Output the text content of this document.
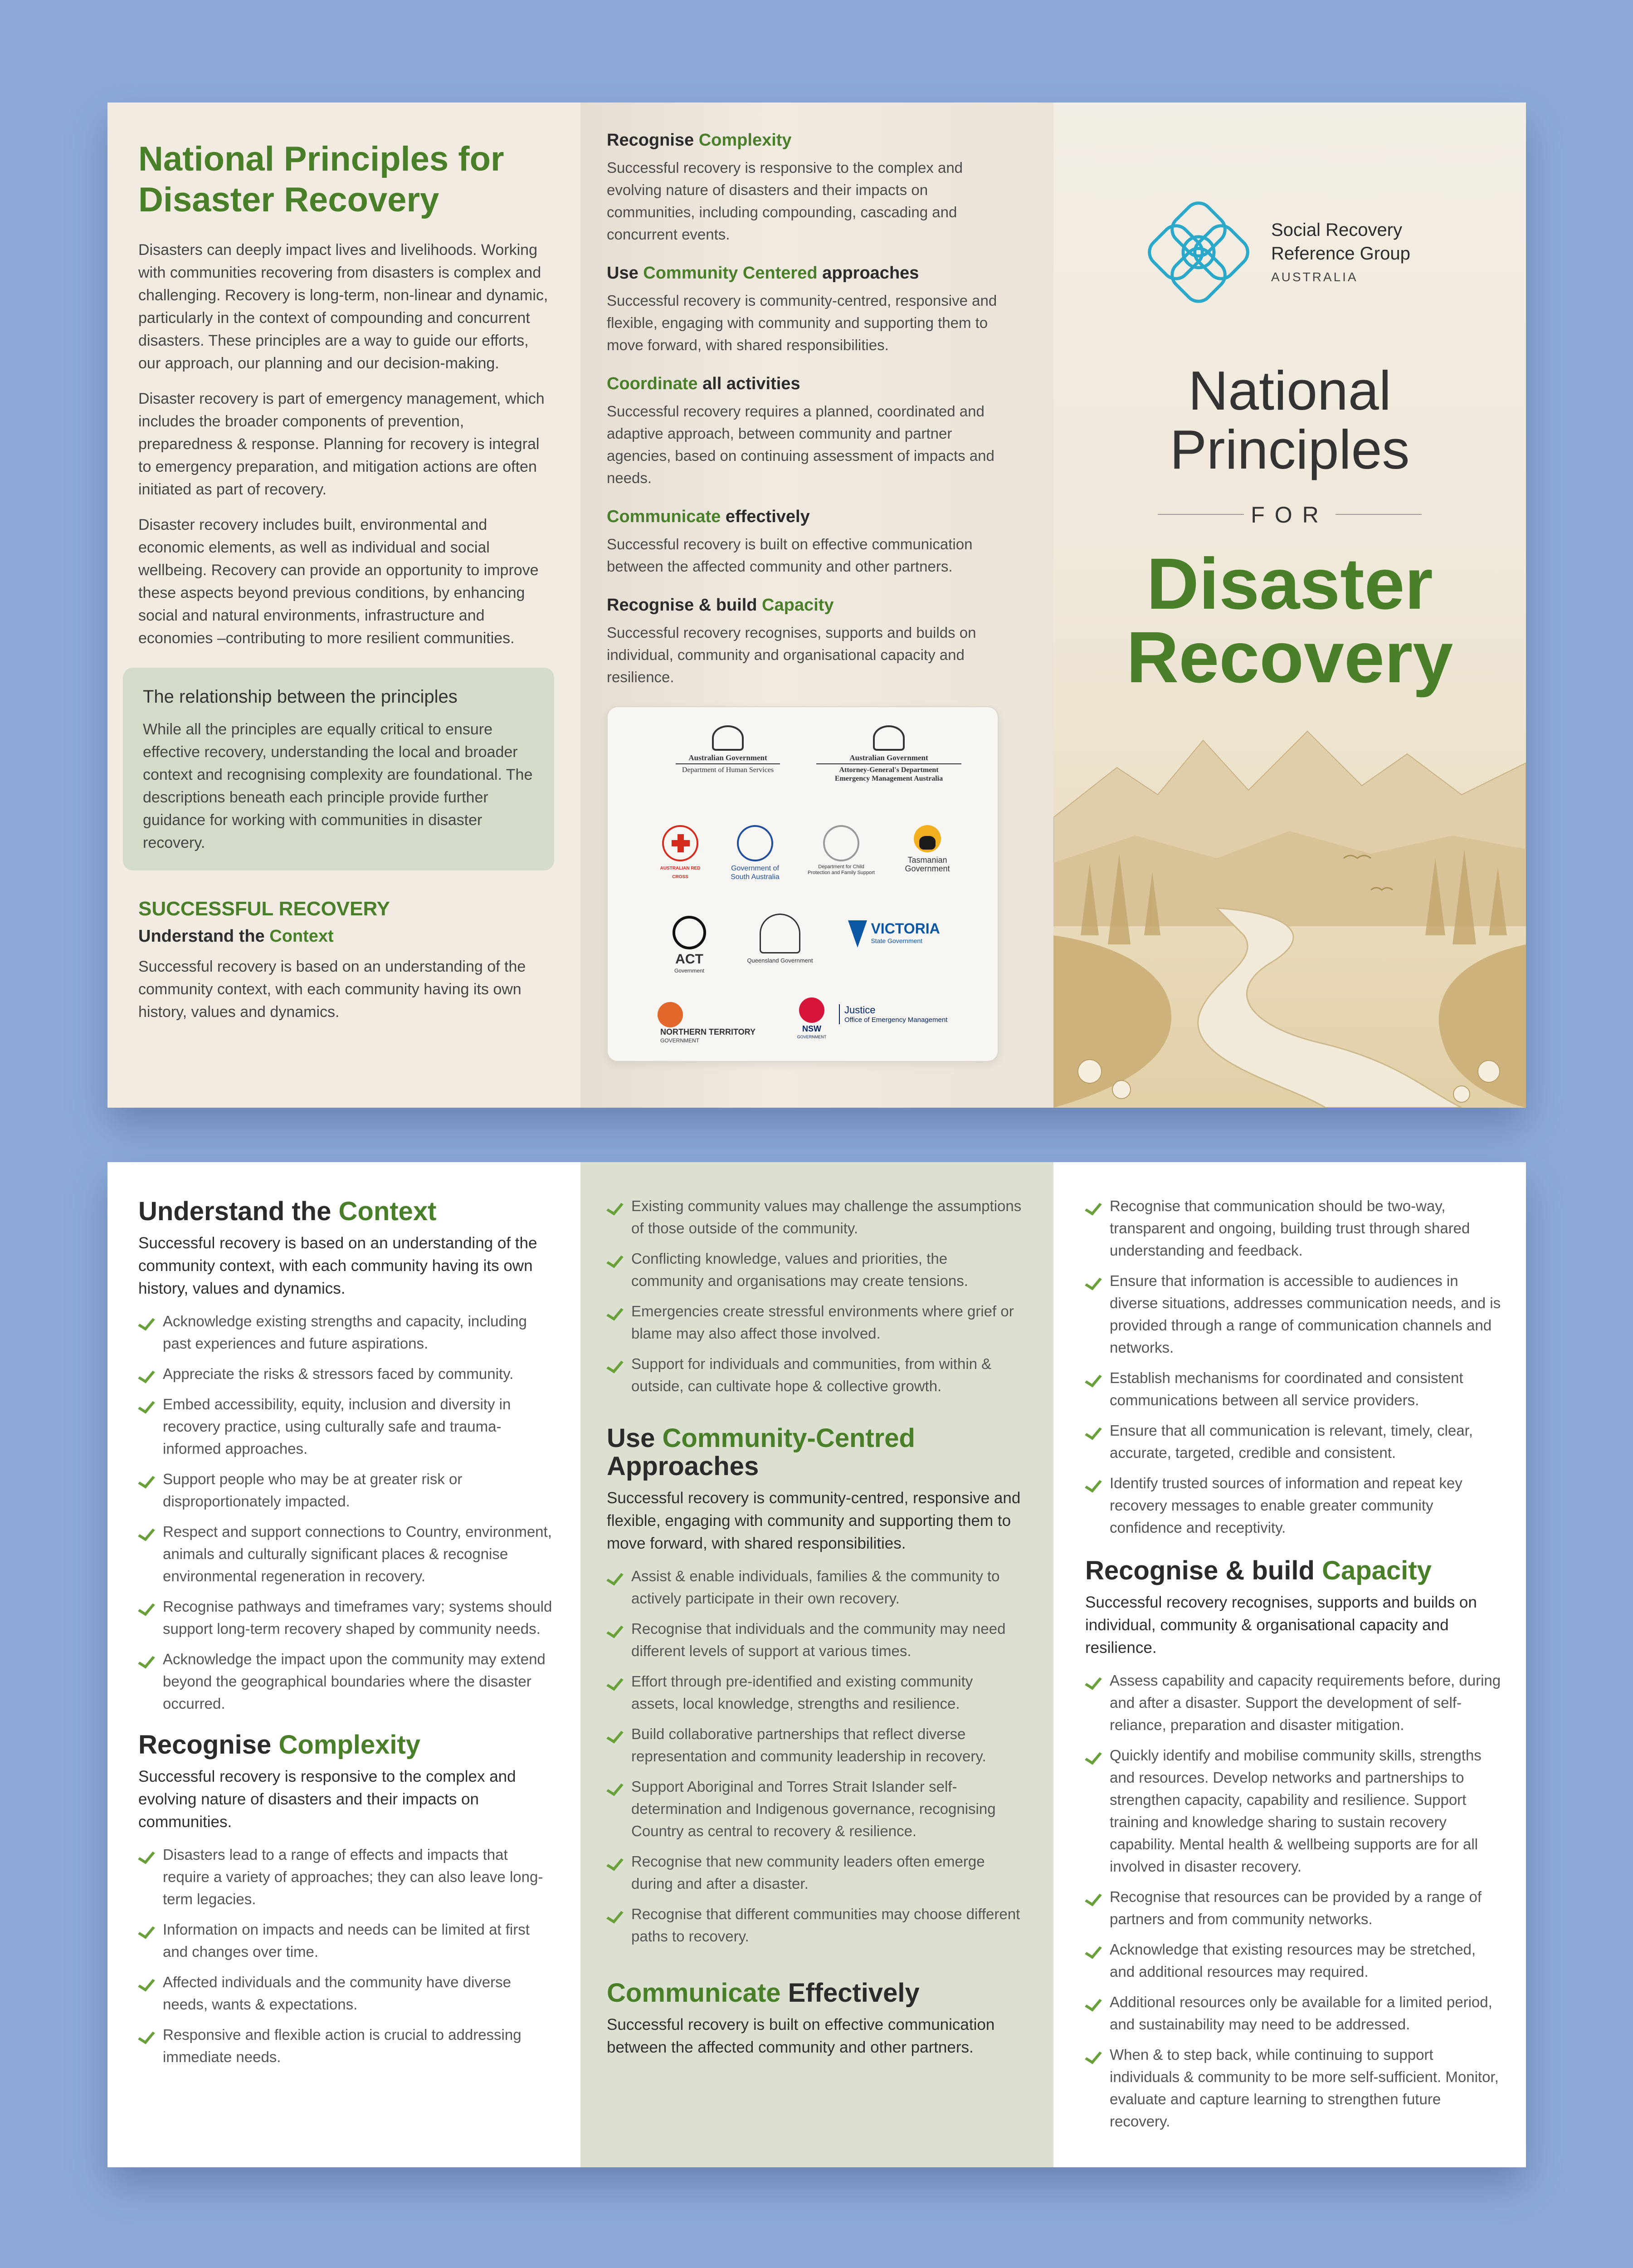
National Principles for Disaster Recovery

Disasters can deeply impact lives and livelihoods. Working with communities recovering from disasters is complex and challenging. Recovery is long-term, non-linear and dynamic, particularly in the context of compounding and concurrent disasters. These principles are a way to guide our efforts, our approach, our planning and our decision-making.

Disaster recovery is part of emergency management, which includes the broader components of prevention, preparedness & response. Planning for recovery is integral to emergency preparation, and mitigation actions are often initiated as part of recovery.

Disaster recovery includes built, environmental and economic elements, as well as individual and social wellbeing. Recovery can provide an opportunity to improve these aspects beyond previous conditions, by enhancing social and natural environments, infrastructure and economies –contributing to more resilient communities.

The relationship between the principles

While all the principles are equally critical to ensure effective recovery, understanding the local and broader context and recognising complexity are foundational. The descriptions beneath each principle provide further guidance for working with communities in disaster recovery.

SUCCESSFUL RECOVERY
Understand the Context

Successful recovery is based on an understanding of the community context, with each community having its own history, values and dynamics.

Recognise Complexity

Successful recovery is responsive to the complex and evolving nature of disasters and their impacts on communities, including compounding, cascading and concurrent events.

Use Community Centered approaches

Successful recovery is community-centred, responsive and flexible, engaging with community and supporting them to move forward, with shared responsibilities.

Coordinate all activities

Successful recovery requires a planned, coordinated and adaptive approach, between community and partner agencies, based on continuing assessment of impacts and needs.

Communicate effectively

Successful recovery is built on effective communication between the affected community and other partners.

Recognise & build Capacity

Successful recovery recognises, supports and builds on individual, community and organisational capacity and resilience.

Australian Government
Department of Human Services
Australian Government
Attorney-General's Department
Emergency Management Australia
AUSTRALIAN RED CROSS
Government of South Australia
Department for Child Protection and Family Support
Tasmanian Government
ACT
Government
Queensland Government

VICTORIA
State Government

NORTHERN TERRITORY
GOVERNMENT
NSW
GOVERNMENT
Justice
Office of Emergency Management
Social Recovery
Reference Group
AUSTRALIA
National
Principles
FOR
Disaster
Recovery
Understand the Context

Successful recovery is based on an understanding of the community context, with each community having its own history, values and dynamics.

Acknowledge existing strengths and capacity, including past experiences and future aspirations.
Appreciate the risks & stressors faced by community.
Embed accessibility, equity, inclusion and diversity in recovery practice, using culturally safe and trauma-informed approaches.
Support people who may be at greater risk or disproportionately impacted.
Respect and support connections to Country, environment, animals and culturally significant places & recognise environmental regeneration in recovery.
Recognise pathways and timeframes vary; systems should support long-term recovery shaped by community needs.
Acknowledge the impact upon the community may extend beyond the geographical boundaries where the disaster occurred.
Recognise Complexity

Successful recovery is responsive to the complex and evolving nature of disasters and their impacts on communities.

Disasters lead to a range of effects and impacts that require a variety of approaches; they can also leave long-term legacies.
Information on impacts and needs can be limited at first and changes over time.
Affected individuals and the community have diverse needs, wants & expectations.
Responsive and flexible action is crucial to addressing immediate needs.
Existing community values may challenge the assumptions of those outside of the community.
Conflicting knowledge, values and priorities, the community and organisations may create tensions.
Emergencies create stressful environments where grief or blame may also affect those involved.
Support for individuals and communities, from within & outside, can cultivate hope & collective growth.
Use Community-Centred
Approaches

Successful recovery is community-centred, responsive and flexible, engaging with community and supporting them to move forward, with shared responsibilities.

Assist & enable individuals, families & the community to actively participate in their own recovery.
Recognise that individuals and the community may need different levels of support at various times.
Effort through pre-identified and existing community assets, local knowledge, strengths and resilience.
Build collaborative partnerships that reflect diverse representation and community leadership in recovery.
Support Aboriginal and Torres Strait Islander self-determination and Indigenous governance, recognising Country as central to recovery & resilience.
Recognise that new community leaders often emerge during and after a disaster.
Recognise that different communities may choose different paths to recovery.
Communicate Effectively

Successful recovery is built on effective communication between the affected community and other partners.

Recognise that communication should be two-way, transparent and ongoing, building trust through shared understanding and feedback.
Ensure that information is accessible to audiences in diverse situations, addresses communication needs, and is provided through a range of communication channels and networks.
Establish mechanisms for coordinated and consistent communications between all service providers.
Ensure that all communication is relevant, timely, clear, accurate, targeted, credible and consistent.
Identify trusted sources of information and repeat key recovery messages to enable greater community confidence and receptivity.
Recognise & build Capacity

Successful recovery recognises, supports and builds on individual, community & organisational capacity and resilience.

Assess capability and capacity requirements before, during and after a disaster. Support the development of self-reliance, preparation and disaster mitigation.
Quickly identify and mobilise community skills, strengths and resources. Develop networks and partnerships to strengthen capacity, capability and resilience. Support training and knowledge sharing to sustain recovery capability. Mental health & wellbeing supports are for all involved in disaster recovery.
Recognise that resources can be provided by a range of partners and from community networks.
Acknowledge that existing resources may be stretched, and additional resources may required.
Additional resources only be available for a limited period, and sustainability may need to be addressed.
When & to step back, while continuing to support individuals & community to be more self-sufficient. Monitor, evaluate and capture learning to strengthen future recovery.
